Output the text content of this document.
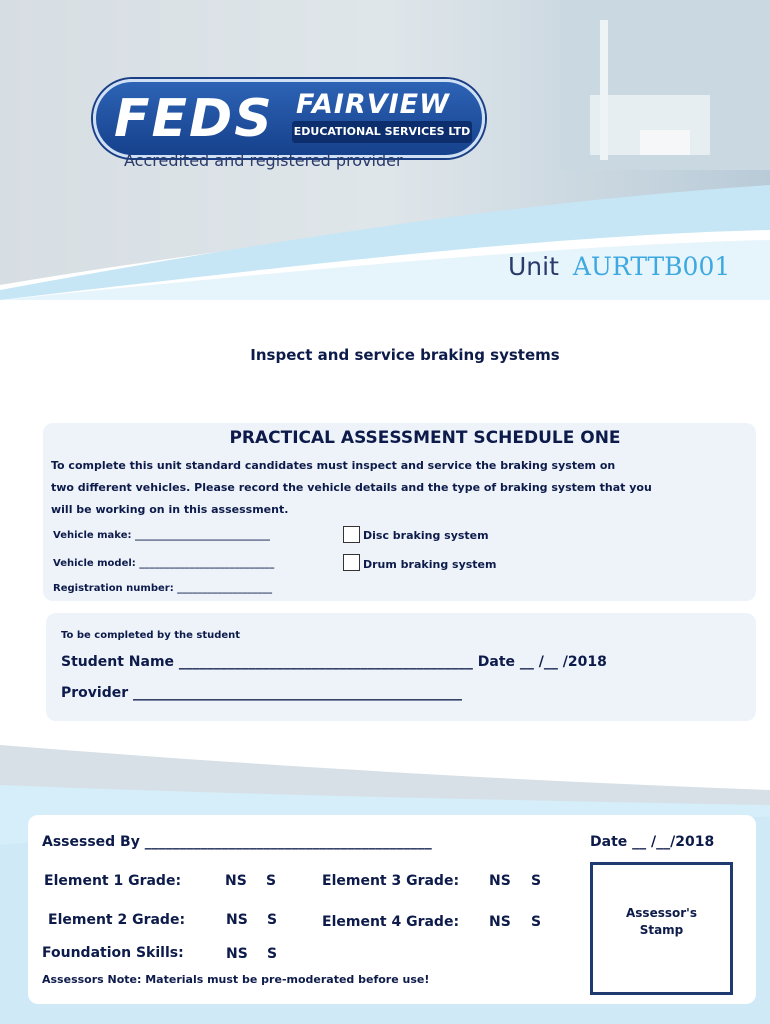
FEDS FAIRVIEW
EDUCATIONAL SERVICES LTD
Accredited and registered provider
Unit AURTTB001
Inspect and service braking systems
PRACTICAL ASSESSMENT SCHEDULE ONE
To complete this unit standard candidates must inspect and service the braking system on
two different vehicles. Please record the vehicle details and the type of braking system that you
will be working on in this assessment.
Vehicle make: ___________________________
Vehicle model: ___________________________
Registration number: ___________________
Disc braking system
Drum braking system
To be completed by the student
Student Name __________________________________________ Date __ /__ /2018
Provider _______________________________________________
Assessed By _________________________________________	Date __ /__/2018
Element 1 Grade:	NS S	Element 3 Grade: NS S
Element 2 Grade:	NS S	Element 4 Grade: NS S
Foundation Skills:	NS S
Assessor's
Stamp
Assessors Note: Materials must be pre-moderated before use!
